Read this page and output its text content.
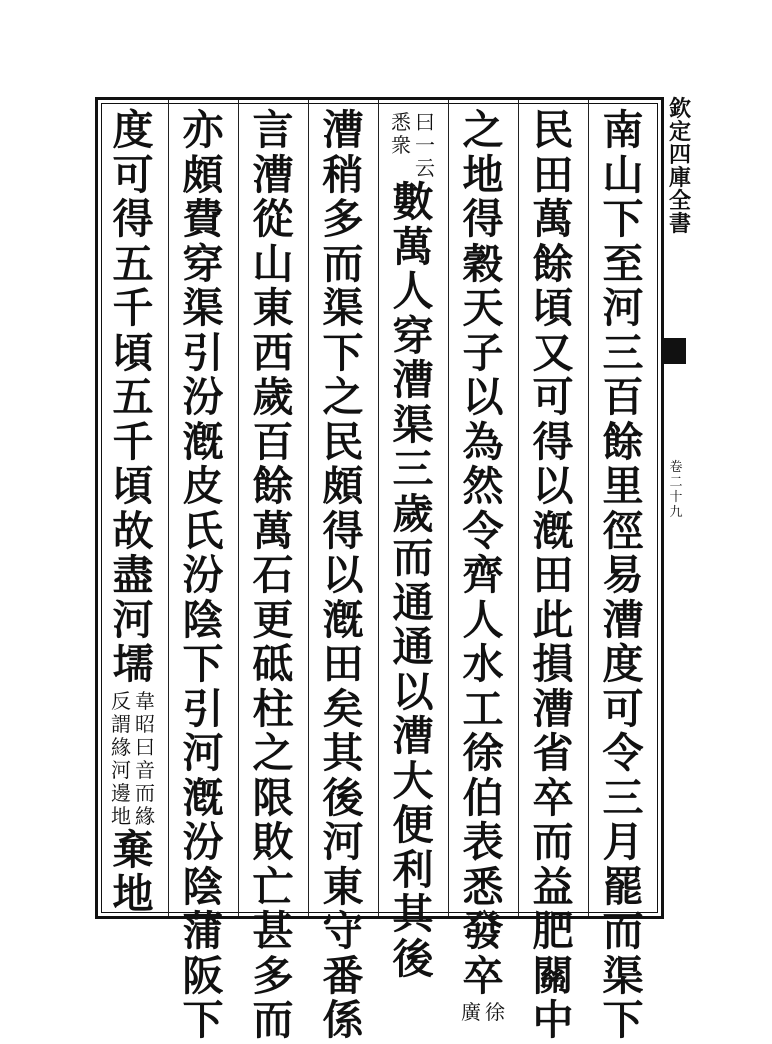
南
山
下
至
河
三
百
餘
里
徑
易
漕
度
可
令
三
月
罷
而
渠
下
民
田
萬
餘
頃
又
可
得
以
漑
田
此
損
漕
省
卒
而
益
肥
關
中
之
地
得
穀
天
子
以
為
然
令
齊
人
水
工
徐
伯
表
悉
發
卒
徐
廣
曰
一
云
悉
衆
數
萬
人
穿
漕
渠
三
歲
而
通
通
以
漕
大
便
利
其
後
漕
稍
多
而
渠
下
之
民
頗
得
以
漑
田
矣
其
後
河
東
守
番
係
言
漕
從
山
東
西
歲
百
餘
萬
石
更
砥
柱
之
限
敗
亡
甚
多
而
亦
頗
費
穿
渠
引
汾
漑
皮
氏
汾
陰
下
引
河
漑
汾
陰
蒲
阪
下
度
可
得
五
千
頃
五
千
頃
故
盡
河
壖
韋
昭
曰
音
而
緣
反
謂
緣
河
邊
地
棄
地
欽
定
四
庫
全
書
卷
二
十
九
